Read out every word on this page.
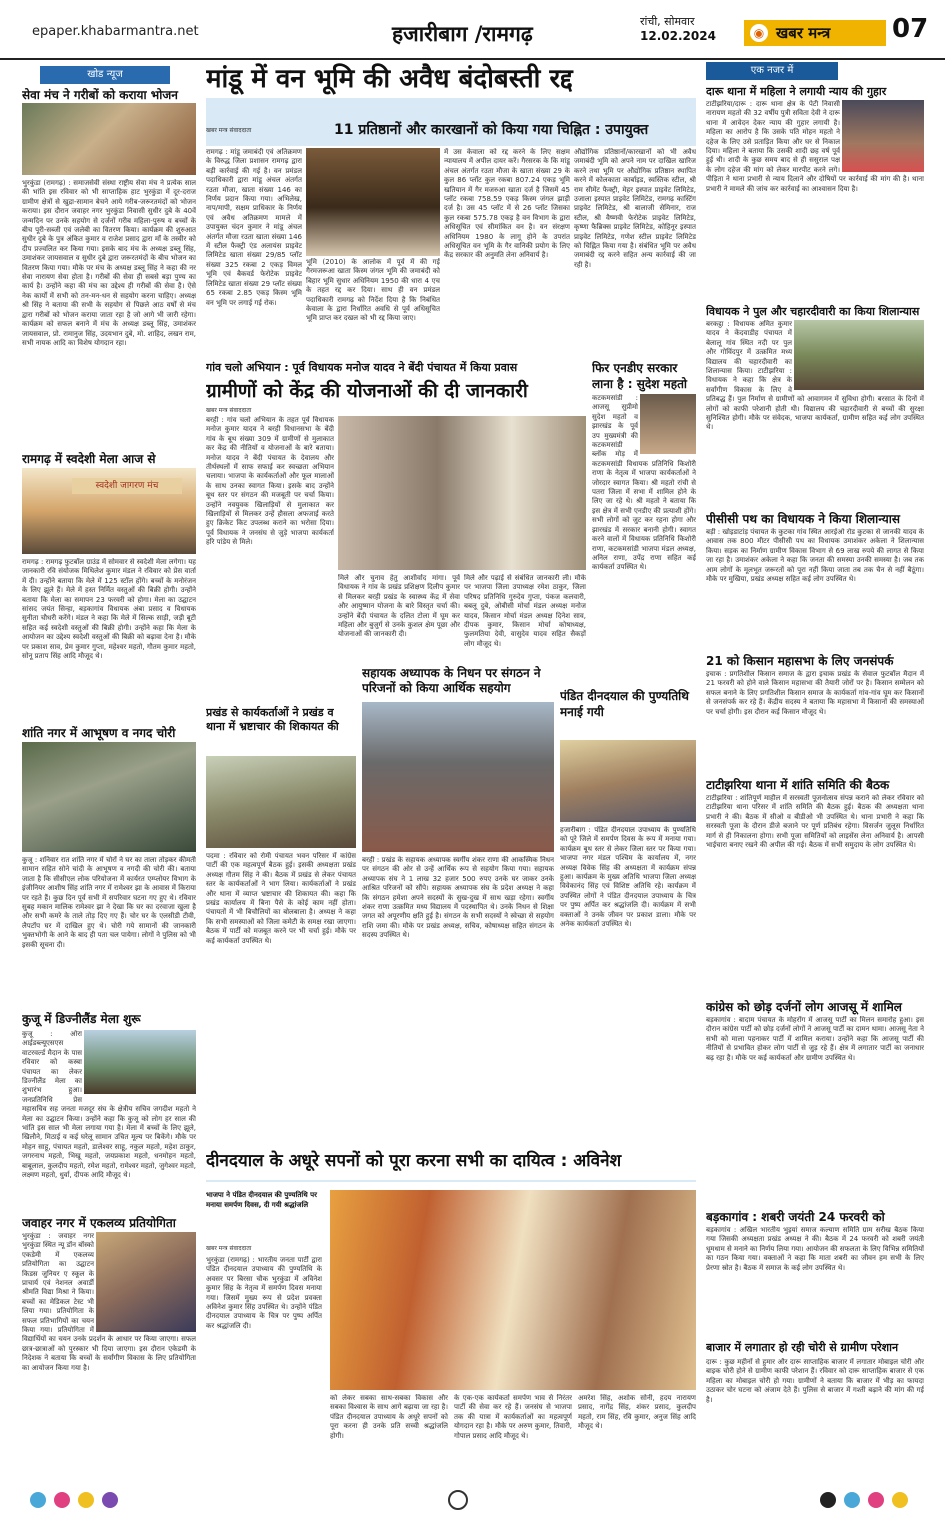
epaper.khabarmantra.net	हजारीबाग /रामगढ़
रांची, सोमवार
12.02.2024	◉ खबर मन्त्र 07
खोड न्यूज
सेवा मंच ने गरीबों को कराया भोजन
भुरकुंडा (रामगढ़) : समाजसेवी संस्था राष्ट्रीय सेवा मंच ने प्रत्येक साल की भांति इस रविवार को भी साप्ताहिक हाट भुरकुंडा में दूर-दराज ग्रामीण क्षेत्रों से खुद्रा-सामान बेचने आये गरीब-जरूरतमंदों को भोजन कराया। इस दौरान जवाहर नगर भुरकुंडा निवासी सुधीर दुबे के 40वें जन्मदिन पर उनके सहयोग से दर्जनों गरीब महिला-पुरुष व बच्चों के बीच पूरी-सब्जी एवं जलेबी का वितरण किया। कार्यक्रम की शुरुआत सुधीर दुबे के पुत्र अंकित कुमार व राजेश प्रसाद द्वारा माँ के तस्वीर को दीप प्रज्वलित कर किया गया। इसके बाद मंच के अध्यक्ष डब्लू सिंह, उमाशंकर जायसवाल व सुधीर दुबे द्वारा जरूरतमंदों के बीच भोजन का वितरण किया गया। मौके पर मंच के अध्यक्ष डब्लू सिंह ने कहा की नर सेवा नारायण सेवा होता है। गरीबों की सेवा ही सबसे बड़ा पुण्य का कार्य है। उन्होंने कहा की मंच का उद्देश्य ही गरीबों की सेवा है। ऐसे नेक कार्यों में सभी को तन-मन-धन से सहयोग करना चाहिए। अध्यक्ष श्री सिंह ने बताया की सभी के सहयोग से पिछले आठ वर्षों से मंच द्वारा गरीबों को भोजन कराया जाता रहा है जो आगे भी जारी रहेगा। कार्यक्रम को सफल बनाने में मंच के अध्यक्ष डब्लू सिंह, उमाशंकर जायसवाल, प्रो. रामानुज सिंह, उदयभान दुबे, मो. शाहिद, लखन राम, सभी नायक आदि का विशेष योगदान रहा।
रामगढ़ में स्वदेशी मेला आज से
स्वदेशी जागरण मंच
रामगढ़ : रामगढ़ फुटबॉल ग्राउंड में सोमवार से स्वदेशी मेला लगेगा। यह जानकारी रवि संयोजक मिथिलेश कुमार मंडल ने रविवार को प्रेस वार्ता में दी। उन्होंने बताया कि मेले में 125 स्टॉल होंगे। बच्चों के मनोरंजन के लिए झूले हैं। मेले में हस्त निर्मित वस्तुओं की बिक्री होगी। उन्होंने बताया कि मेला का समापन 23 फरवरी को होगा। मेला का उद्घाटन सांसद जयंत सिन्हा, बड़कागांव विधायक अंबा प्रसाद व विधायक सुनीता चौधरी करेंगे। मंडल ने कहा कि मेले में सिल्क साड़ी, जड़ी बूटी सहित कई स्वदेशी वस्तुओं की बिक्री होगी। उन्होंने कहा कि मेला के आयोजन का उद्देश्य स्वदेशी वस्तुओं की बिक्री को बढ़ावा देना है। मौके पर प्रकाश साव, प्रेम कुमार गुप्ता, महेश्वर महतो, गौतम कुमार महतो, सोनू प्रताप सिंह आदि मौजूद थे।
शांति नगर में आभूषण व नगद चोरी
कुजू : शनिवार रात शांति नगर में चोरों ने घर का ताला तोड़कर कीमती सामान सहित सोने चांदी के आभूषण व नगदी की चोरी की। बताया जाता है कि सीसीएल लोक परियोजना में कार्यरत एम्प्लोयर विभाग के इंजीनियर आशीष सिंह शांति नगर में रामेश्वर झा के आवास में किराया पर रहते हैं। कुछ दिन पूर्व सभी में सपरिवार घटना गए हुए थे। रविवार सुबह मकान मालिक रामेश्वर झा ने देखा कि घर का दरवाजा खुला है और सभी कमरे के ताले तोड़ दिए गए हैं। चोर घर के एलसीडी टीवी, लैपटॉप घर में दाखिल हुए थे। चोरी गये सामानों की जानकारी भुक्तभोगी के आने के बाद ही पता चल पायेगा। लोगों ने पुलिस को भी इसकी सूचना दी।
कुजू में डिज्नीलैंड मेला शुरू
कुजू : ओरा आईडब्ल्यूएसएस वाटरवर्ल्ड मैदान के पास रविवार को कस्बा पंचायत का लेकर डिज्नीलैंड मेला का शुभारंभ हुआ। जनप्रतिनिधि प्रेस महासचिव सह जनता मजदूर संघ के क्षेत्रीय सचिव जगदीश महतो ने मेला का उद्घाटन किया। उन्होंने कहा कि कुजू को लोग हर साल की भांति इस साल भी मेला लगाया गया है। मेला में बच्चों के लिए झूले, खिलौने, मिठाई व कई घरेलू सामान उचित मूल्य पर बिकेंगे। मौके पर मोहन साहू, पंचायत महतो, डालेश्वर साहू, नकुल महतो, महेश ठाकुर, जगरनाथ महतो, भिखू महतो, जयप्रकाश महतो, धनमोहन महतो, बाबूलाल, कुलदीप महतो, रमेश महतो, रामेश्वर महतो, जुगेश्वर महतो, लक्ष्मण महतो, धुर्वा, दीपक आदि मौजूद थे।
जवाहर नगर में एकलव्य प्रतियोगिता
भुरकुंडा : जवाहर नगर भुरकुंडा स्थित न्यू डॉन बॉस्को एकडेमी में एकलव्य प्रतियोगिता का उद्घाटन किडस जुनियर ए स्कूल के प्राचार्य एवं नेशनल अवार्डी श्रीमति विद्या मिश्रा ने किया। बच्चों का मेडिकल टेस्ट भी लिया गया। प्रतियोगिता के सफल प्रतिभागियों का चयन किया गया। प्रतियोगिता में विद्यार्थियों का चयन उनके प्रदर्शन के आधार पर किया जाएगा। सफल छात्र-छात्राओं को पुरस्कार भी दिया जाएगा। इस दौरान एकेडमी के निदेशक ने बताया कि बच्चों के सर्वांगीण विकास के लिए प्रतियोगिता का आयोजन किया गया है।
मांडू में वन भूमि की अवैध बंदोबस्ती रद्द
11 प्रतिष्ठानों और कारखानों को किया गया चिह्नित : उपायुक्त
खबर मन्त्र संवाददाता
रामगढ़ : मांडू जमाबंदी एवं अतिक्रमण के विरुद्ध जिला प्रशासन रामगढ़ द्वारा बड़ी कार्रवाई की गई है। वन प्रमंडल पदाधिकारी द्वारा मांडू अंचल अंतर्गत रउता मौजा, खाता संख्या 146 का निर्णय प्रदान किया गया। अभिलेख, नाप/मापी, सक्षम प्राधिकार के निर्णय एवं अवैध अतिक्रमण मामले में उपायुक्त चंदन कुमार ने मांडू अंचल अंतर्गत मौजा रउता खाता संख्या 146 में स्टील फैक्ट्री एंड अलायंस प्राइवेट लिमिटेड खाता संख्या 29/85 प्लॉट संख्या 325 रकबा 2 एकड़ विमल भूमि एवं बैकवर्ड फेरोटेक प्राइवेट लिमिटेड खाता संख्या 29 प्लॉट संख्या 65 रकबा 2.85 एकड़ किस्म भूमि वन भूमि पर लगाई गई रोक।
भूमि (2010) के आलोक में पूर्व में की गई गैरमजरूआ खाता किस्म जंगल भूमि की जमाबंदी को बिहार भूमि सुधार अधिनियम 1950 की धारा 4 एच के तहत रद्द कर दिया। साथ ही वन प्रमंडल पदाधिकारी रामगढ़ को निर्देश दिया है कि निबंधित केवाला के द्वारा निर्धारित अवधि से पूर्व अधिसूचित भूमि प्राप्त कर दखल को भी रद्द किया जाए।
में उस केवाला को रद्द करने के लिए सक्षम न्यायालय में अपील दायर करें। गैरसरक के कि मांडू अंचल अंतर्गत रउता मौजा के खाता संख्या 29 के कुल 86 प्लॉट कुल रकबा 807.24 एकड़ भूमि खतियान में गैर मजरुआ खाता दर्ज है जिसमें 45 प्लॉट रकबा 758.59 एकड़ किस्म जंगल झाड़ी दर्ज है। उस 45 प्लॉट में से 26 प्लॉट जिसका कुल रकबा 575.78 एकड़ है वन विभाग के द्वारा अधिसूचित एवं सीमांकित वन है। वन संरक्षण अधिनियम 1980 के लागू होने के उपरांत अधिसूचित वन भूमि के गैर वानिकी प्रयोग के लिए केंद्र सरकार की अनुमति लेना अनिवार्य है।
औद्योगिक प्रतिष्ठानों/कारखानों को भी अवैध जमाबंदी भूमि को अपने नाम पर दाखिल खारिज करने तथा भूमि पर औद्योगिक प्रतिष्ठान स्थापित करने में कोलकाता कार्बाइड, स्वस्तिक स्टील, श्री राम सीमेंट फैक्ट्री, मेहर इस्पात प्राइवेट लिमिटेड, उजाला इस्पात प्राइवेट लिमिटेड, रामगढ़ कास्टिंग प्राइवेट लिमिटेड, श्री बालाजी सेमिनार, राज स्टील, श्री वैष्णवी फेरोटेक प्राइवेट लिमिटेड, कृष्णा फैब्रिक्स प्राइवेट लिमिटेड, कोहिनूर इस्पात प्राइवेट लिमिटेड, गणेश स्टील प्राइवेट लिमिटेड को चिह्नित किया गया है। संबंधित भूमि पर अवैध जमाबंदी रद्द करने सहित अन्य कार्रवाई की जा रही है।
गांव चलो अभियान : पूर्व विधायक मनोज यादव ने बेंदी पंचायत में किया प्रवास
ग्रामीणों को केंद्र की योजनाओं की दी जानकारी
खबर मन्त्र संवाददाता
बरही : गांव चलो अभियान के तहत पूर्व विधायक मनोज कुमार यादव ने बरही विधानसभा के बेंदी गांव के बूथ संख्या 309 में ग्रामीणों से मुलाकात कर केंद्र की नीतियों व योजनाओं के बारे बताया। मनोज यादव ने बेंदी पंचायत के देवालय और तीर्थस्थलों में साफ सफाई कर स्वच्छता अभियान चलाया। भाजपा के कार्यकर्ताओं और फूल मालाओं के साथ उनका स्वागत किया। इसके बाद उन्होंने बूथ स्तर पर संगठन की मजबूती पर चर्चा किया। उन्होंने नवयुवक खिलाड़ियों से मुलाकात कर खिलाड़ियों से मिलकर उन्हें हौसला अफजाई करते हुए क्रिकेट किट उपलब्ध कराने का भरोसा दिया। पूर्व विधायक ने जनसंघ से जुड़े भाजपा कार्यकर्ता हरि पांडेय से मिले।
मिले और चुनाव हेतु आशीर्वाद मांगा। पूर्व विधायक ने गांव के प्रखंड प्रशिक्षण दिलीप कुमार से मिलकर बरही प्रखंड के स्वास्थ्य केंद्र में सेवा और आयुष्मान योजना के बारे विस्तृत चर्चा की। उन्होंने बेंदी पंचायत के दलित टोला में घूम कर महिला और बुजुर्ग से उनके कुशल क्षेम पूछा और योजनाओं की जानकारी दी।
मिले और पढ़ाई से संबंधित जानकारी ली। मौके पर भाजपा जिला उपाध्यक्ष रमेश ठाकुर, जिला परिषद प्रतिनिधि गुरुदेव गुप्ता, पंकज कलवारी, बबलू दुबे, ओबीसी मोर्चा मंडल अध्यक्ष मनोज यादव, किसान मोर्चा मंडल अध्यक्ष दिनेश साव, दीपक कुमार, किसान मोर्चा कोषाध्यक्ष, फुलमतिया देवी, वासुदेव यादव सहित सैकड़ों लोग मौजूद थे।
फिर एनडीए सरकार लाना है : सुदेश महतो
कटकमसांडी : आजसू सुप्रीमो सुदेश महतो व झारखंड के पूर्व उप मुख्यमंत्री की कटकमसांडी ब्लॉक मोड़ में कटकमसांडी विधायक प्रतिनिधि किशोरी राणा के नेतृत्व में भाजपा कार्यकर्ताओं ने जोरदार स्वागत किया। श्री महतो रांची से पतरा जिला में सभा में शामिल होने के लिए जा रहे थे। श्री महतो ने बताया कि इस क्षेत्र में सभी एनडीए की प्रत्याशी होंगे। सभी लोगों को जुट कर रहना होगा और झारखंड में सरकार बनानी होगी। स्वागत करने वालों में विधायक प्रतिनिधि किशोरी राणा, कटकमसांडी भाजपा मंडल अध्यक्ष, अनिल राणा, उपेंद्र राणा सहित कई कार्यकर्ता उपस्थित थे।
प्रखंड से कार्यकर्ताओं ने प्रखंड व थाना में भ्रष्टाचार की शिकायत की
पदमा : रविवार को रोमी पंचायत भवन परिसर में कांग्रेस पार्टी की एक महत्वपूर्ण बैठक हुई। इसकी अध्यक्षता प्रखंड अध्यक्ष गौतम सिंह ने की। बैठक में प्रखंड से लेकर पंचायत स्तर के कार्यकर्ताओं ने भाग लिया। कार्यकर्ताओं ने प्रखंड और थाना में व्याप्त भ्रष्टाचार की शिकायत की। कहा कि प्रखंड कार्यालय में बिना पैसे के कोई काम नहीं होता। पंचायतों में भी बिचौलियों का बोलबाला है। अध्यक्ष ने कहा कि सभी समस्याओं को जिला कमेटी के समक्ष रखा जाएगा। बैठक में पार्टी को मजबूत करने पर भी चर्चा हुई। मौके पर कई कार्यकर्ता उपस्थित थे।
सहायक अध्यापक के निधन पर संगठन ने परिजनों को किया आर्थिक सहयोग
बरही : प्रखंड के सहायक अध्यापक स्वर्गीय शंकर राणा की आकस्मिक निधन पर संगठन की ओर से उन्हें आर्थिक रूप से सहयोग किया गया। सहायक अध्यापक संघ ने 1 लाख 32 हजार 500 रुपए उनके घर जाकर उनके आश्रित परिजनों को सौंपे। सहायक अध्यापक संघ के प्रदेश अध्यक्ष ने कहा कि संगठन हमेशा अपने सदस्यों के सुख-दुख में साथ खड़ा रहेगा। स्वर्गीय शंकर राणा उत्क्रमित मध्य विद्यालय में पदस्थापित थे। उनके निधन से शिक्षा जगत को अपूरणीय क्षति हुई है। संगठन के सभी सदस्यों ने स्वेच्छा से सहयोग राशि जमा की। मौके पर प्रखंड अध्यक्ष, सचिव, कोषाध्यक्ष सहित संगठन के सदस्य उपस्थित थे।
पंडित दीनदयाल की पुण्यतिथि मनाई गयी
हजारीबाग : पंडित दीनदयाल उपाध्याय के पुण्यतिथि को पूरे जिले में समर्पण दिवस के रूप में मनाया गया। कार्यक्रम बूथ स्तर से लेकर जिला स्तर पर किया गया। भाजपा नगर मंडल पश्चिम के कार्यालय में, नगर अध्यक्ष विवेक सिंह की अध्यक्षता में कार्यक्रम संपन्न हुआ। कार्यक्रम के मुख्य अतिथि भाजपा जिला अध्यक्ष विवेकानंद सिंह एवं विशिष्ट अतिथि रहे। कार्यक्रम में उपस्थित लोगों ने पंडित दीनदयाल उपाध्याय के चित्र पर पुष्प अर्पित कर श्रद्धांजलि दी। कार्यक्रम में सभी वक्ताओं ने उनके जीवन पर प्रकाश डाला। मौके पर अनेक कार्यकर्ता उपस्थित थे।
दीनदयाल के अधूरे सपनों को पूरा करना सभी का दायित्व : अविनेश
भाजपा ने पंडित दीनदयाल की पुण्यतिथि पर मनाया समर्पण दिवस, दी गयी श्रद्धांजलि
खबर मन्त्र संवाददाता
भुरकुंडा (रामगढ़) : भारतीय जनता पार्टी द्वारा पंडित दीनदयाल उपाध्याय की पुण्यतिथि के अवसर पर बिरसा चौक भुरकुंडा में अविनेश कुमार सिंह के नेतृत्व में समर्पण दिवस मनाया गया। जिसमें मुख्य रूप से प्रदेश प्रवक्ता अविनेश कुमार सिंह उपस्थित थे। उन्होंने पंडित दीनदयाल उपाध्याय के चित्र पर पुष्प अर्पित कर श्रद्धांजलि दी।
को लेकर सबका साथ-सबका विकास और सबका विश्वास के साथ आगे बढ़ाया जा रहा है। पंडित दीनदयाल उपाध्याय के अधूरे सपनों को पूरा करना ही उनके प्रति सच्ची श्रद्धांजलि होगी।
के एक-एक कार्यकर्ता समर्पण भाव से निरंतर पार्टी की सेवा कर रहे हैं। जनसंघ से भाजपा तक की यात्रा में कार्यकर्ताओं का महत्वपूर्ण योगदान रहा है। मौके पर अरुण कुमार, तिवारी, गोपाल प्रसाद आदि मौजूद थे।
अमरेश सिंह, अशोक सोनी, हदय नारायण प्रसाद, नागेंद्र सिंह, शंकर प्रसाद, कुलदीप महतो, राम सिंह, रवि कुमार, अनुज सिंह आदि मौजूद थे।
एक नजर में
दारू थाना में महिला ने लगायी न्याय की गुहार
टाटीझरिया/दारू : दारू थाना क्षेत्र के पेटी निवासी नारायण महतो की 32 वर्षीय पुत्री सविता देवी ने दारू थाना में आवेदन देकर न्याय की गुहार लगायी है। महिला का आरोप है कि उसके पति मोहन महतो ने दहेज के लिए उसे प्रताड़ित किया और घर से निकाल दिया। महिला ने बताया कि उसकी शादी छह वर्ष पूर्व हुई थी। शादी के कुछ समय बाद से ही ससुराल पक्ष के लोग दहेज की मांग को लेकर मारपीट करने लगे। पीड़िता ने थाना प्रभारी से न्याय दिलाने और दोषियों पर कार्रवाई की मांग की है। थाना प्रभारी ने मामले की जांच कर कार्रवाई का आश्वासन दिया है।
विधायक ने पुल और चहारदीवारी का किया शिलान्यास
बरकट्ठा : विधायक अमित कुमार यादव ने केंदवाडीह पंचायत में बेलालू गांव स्थित नदी पर पुल और गोविंदपुर में उत्क्रमित मध्य विद्यालय की चहारदीवारी का शिलान्यास किया। टाटीझरिया : विधायक ने कहा कि क्षेत्र के सर्वांगीण विकास के लिए वे प्रतिबद्ध हैं। पुल निर्माण से ग्रामीणों को आवागमन में सुविधा होगी। बरसात के दिनों में लोगों को काफी परेशानी होती थी। विद्यालय की चहारदीवारी से बच्चों की सुरक्षा सुनिश्चित होगी। मौके पर संवेदक, भाजपा कार्यकर्ता, ग्रामीण सहित कई लोग उपस्थित थे।
पीसीसी पथ का विधायक ने किया शिलान्यास
बड़ी : खोइडाटांड़ पंचायत के कुटका गांव स्थित आरईओ रोड कुटका से जानकी यादव के आवास तक 800 मीटर पीसीसी पथ का विधायक उमाशंकर अकेला ने शिलान्यास किया। सड़क का निर्माण ग्रामीण विकास विभाग से 69 लाख रुपये की लागत से किया जा रहा है। उमाशंकर अकेला ने कहा कि जनता की समस्या उनकी समस्या है। जब तक आम लोगों के मूलभूत जरूरतों को पूरा नहीं किया जाता तब तक चैन से नहीं बैठूंगा। मौके पर मुखिया, प्रखंड अध्यक्ष सहित कई लोग उपस्थित थे।
21 को किसान महासभा के लिए जनसंपर्क
इचाक : प्रगतिशील किसान समाज के द्वारा इचाक प्रखंड के सेवाल फुटबॉल मैदान में 21 फरवरी को होने वाले किसान महासभा की तैयारी जोरों पर है। किसान सम्मेलन को सफल बनाने के लिए प्रगतिशील किसान समाज के कार्यकर्ता गांव-गांव घूम कर किसानों से जनसंपर्क कर रहे हैं। केंद्रीय सदस्य ने बताया कि महासभा में किसानों की समस्याओं पर चर्चा होगी। इस दौरान कई किसान मौजूद थे।
टाटीझरिया थाना में शांति समिति की बैठक
टाटीझरिया : शांतिपूर्ण माहौल में सरस्वती पूजनोत्सव संपन्न कराने को लेकर रविवार को टाटीझरिया थाना परिसर में शांति समिति की बैठक हुई। बैठक की अध्यक्षता थाना प्रभारी ने की। बैठक में सीओ व बीडीओ भी उपस्थित थे। थाना प्रभारी ने कहा कि सरस्वती पूजा के दौरान डीजे बजाने पर पूर्ण प्रतिबंध रहेगा। विसर्जन जुलूस निर्धारित मार्ग से ही निकालना होगा। सभी पूजा समितियों को लाइसेंस लेना अनिवार्य है। आपसी भाईचारा बनाए रखने की अपील की गई। बैठक में सभी समुदाय के लोग उपस्थित थे।
कांग्रेस को छोड़ दर्जनों लोग आजसू में शामिल
बड़कागांव : बादाम पंचायत के मोहरोंग में आजसू पार्टी का मिलन समारोह हुआ। इस दौरान कांग्रेस पार्टी को छोड़ दर्जनों लोगों ने आजसू पार्टी का दामन थामा। आजसू नेता ने सभी को माला पहनाकर पार्टी में शामिल कराया। उन्होंने कहा कि आजसू पार्टी की नीतियों से प्रभावित होकर लोग पार्टी से जुड़ रहे हैं। क्षेत्र में लगातार पार्टी का जनाधार बढ़ रहा है। मौके पर कई कार्यकर्ता और ग्रामीण उपस्थित थे।
बड़कागांव : शबरी जयंती 24 फरवरी को
बड़कागांव : अखिल भारतीय भुइयां समाज कल्याण समिति ग्राम सरीख बैठक किया गया जिसकी अध्यक्षता प्रखंड अध्यक्ष ने की। बैठक में 24 फरवरी को शबरी जयंती धूमधाम से मनाने का निर्णय लिया गया। आयोजन की सफलता के लिए विभिन्न समितियों का गठन किया गया। वक्ताओं ने कहा कि माता शबरी का जीवन हम सभी के लिए प्रेरणा स्रोत है। बैठक में समाज के कई लोग उपस्थित थे।
बाजार में लगातार हो रही चोरी से ग्रामीण परेशान
दारू : कुछ महीनों से हुमार और दारू साप्ताहिक बाजार में लगातार मोबाइल चोरी और बाइक चोरी होने से ग्रामीण काफी परेशान हैं। रविवार को दारू साप्ताहिक बाजार से एक महिला का मोबाइल चोरी हो गया। ग्रामीणों ने बताया कि बाजार में भीड़ का फायदा उठाकर चोर घटना को अंजाम देते हैं। पुलिस से बाजार में गश्ती बढ़ाने की मांग की गई है।
